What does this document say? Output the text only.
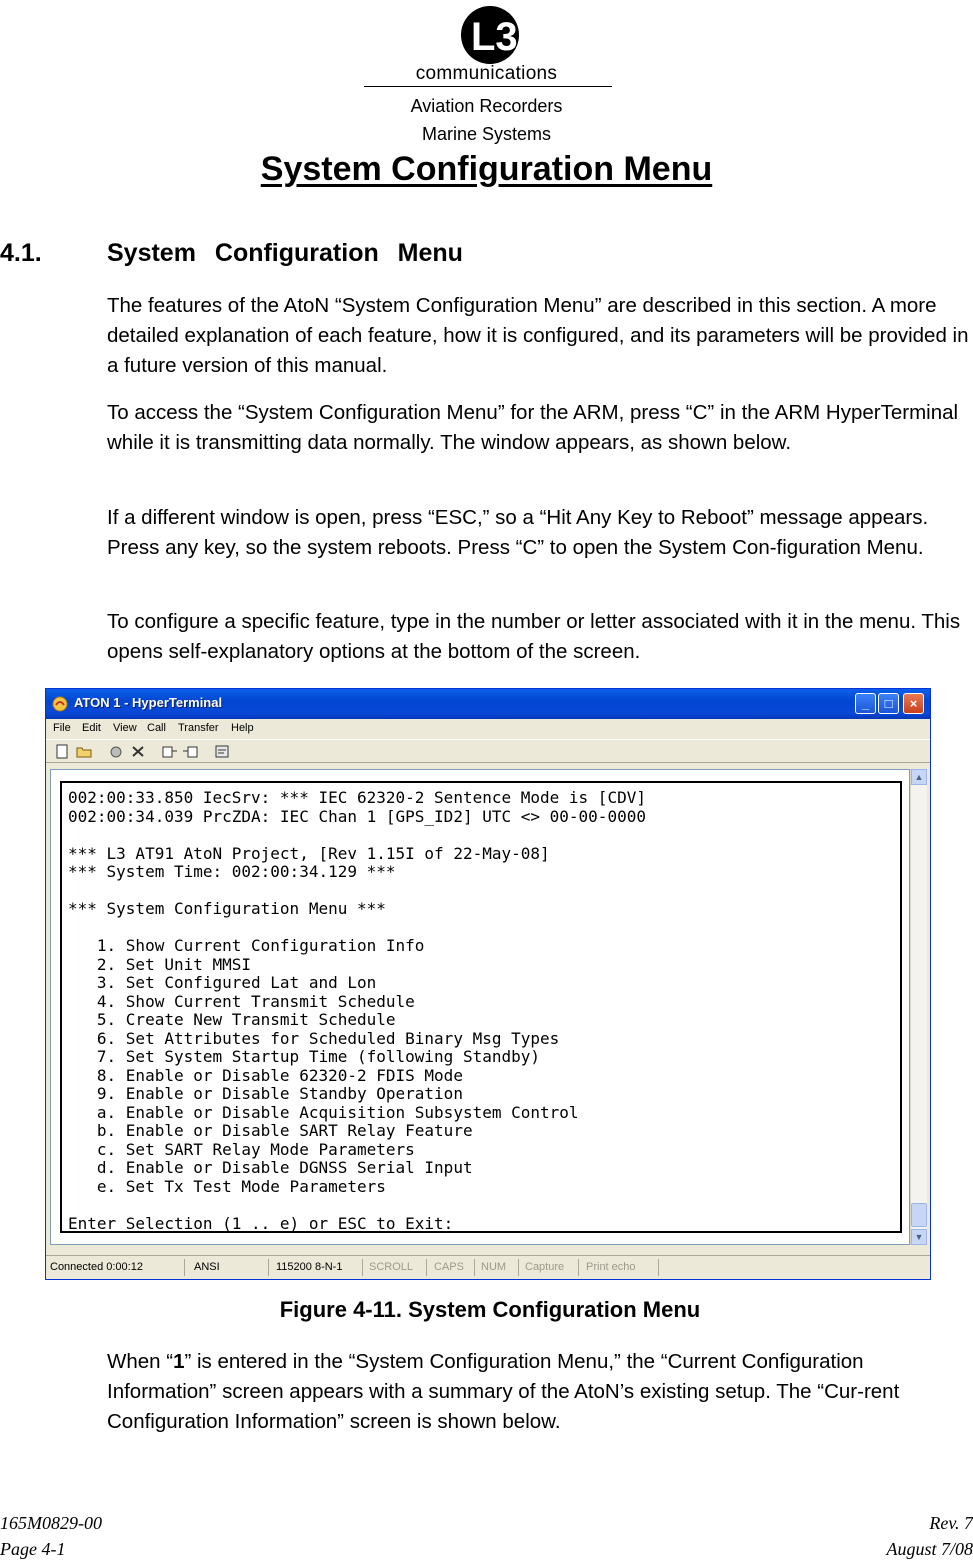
L3
communications
Aviation Recorders
Marine Systems
System Configuration Menu
4.1.	System Configuration Menu
The features of the AtoN “System Configuration Menu” are described in this section. A more detailed explanation of each feature, how it is configured, and its parameters will be provided in a future version of this manual.
To access the “System Configuration Menu” for the ARM, press “C” in the ARM HyperTerminal while it is transmitting data normally. The window appears, as shown below.
If a different window is open, press “ESC,” so a “Hit Any Key to Reboot” message appears. Press any key, so the system reboots. Press “C” to open the System Con-figuration Menu.
To configure a specific feature, type in the number or letter associated with it in the menu. This opens self-explanatory options at the bottom of the screen.
ATON 1 - HyperTerminal	_	□	×
File Edit View Call Transfer Help
002:00:33.850 IecSrv: *** IEC 62320-2 Sentence Mode is [CDV]
002:00:34.039 PrcZDA: IEC Chan 1 [GPS_ID2] UTC <> 00-00-0000
*** L3 AT91 AtoN Project, [Rev 1.15I of 22-May-08]
*** System Time: 002:00:34.129 ***
*** System Configuration Menu ***
1. Show Current Configuration Info
2. Set Unit MMSI
3. Set Configured Lat and Lon
4. Show Current Transmit Schedule
5. Create New Transmit Schedule
6. Set Attributes for Scheduled Binary Msg Types
7. Set System Startup Time (following Standby)
8. Enable or Disable 62320-2 FDIS Mode
9. Enable or Disable Standby Operation
a. Enable or Disable Acquisition Subsystem Control
b. Enable or Disable SART Relay Feature
c. Set SART Relay Mode Parameters
d. Enable or Disable DGNSS Serial Input
e. Set Tx Test Mode Parameters
Enter Selection (1 .. e) or ESC to Exit: _
▲
▼
Connected 0:00:12	ANSI	115200 8-N-1 SCROLL CAPS NUM Capture Print echo
Figure 4-11. System Configuration Menu
When “1” is entered in the “System Configuration Menu,” the “Current Configuration Information” screen appears with a summary of the AtoN’s existing setup. The “Cur-rent Configuration Information” screen is shown below.
165M0829-00
Page 4-1
Rev. 7
August 7/08
